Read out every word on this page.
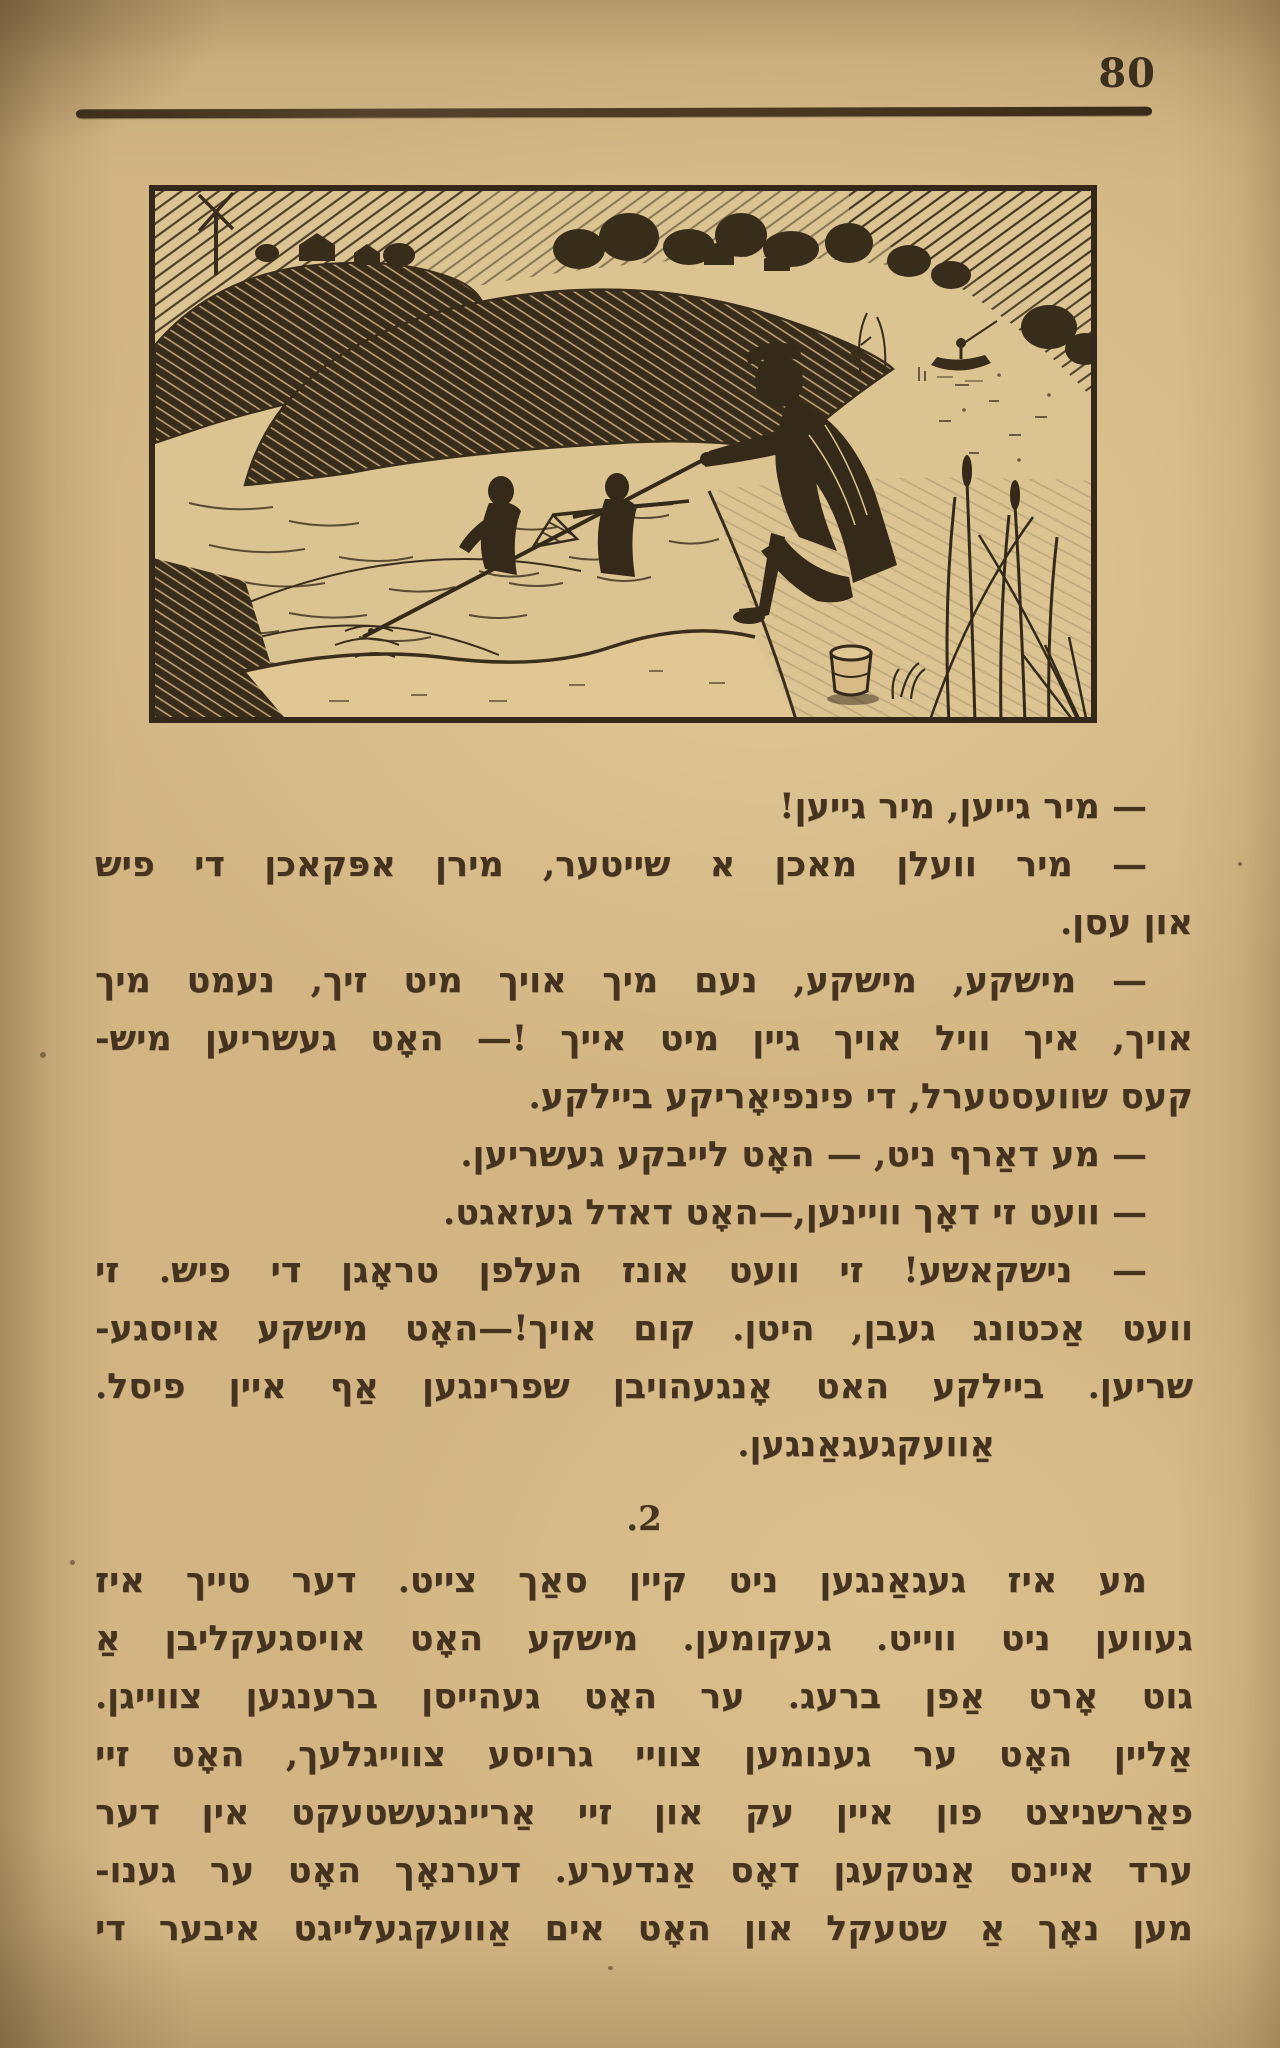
80
— מיר גייען, מיר גייען!
— מיר וועלן מאכן א שייטער, מירן אפּקאכן די פיש
און עסן.
— מישקע, מישקע, נעם מיך אויך מיט זיך, נעמט מיך
אויך, איך וויל אויך גיין מיט אייך !— האָט געשריען מיש-
קעס שוועסטערל, די פינפיאָריקע ביילקע.
— מע דאַרף ניט, — האָט לייבקע געשריען.
— וועט זי דאָך וויינען,—האָט דאדל געזאגט.
— נישקאשע! זי וועט אונז העלפן טראָגן די פיש. זי
וועט אַכטונג געבן, היטן. קום אויך!—האָט מישקע אויסגע-
שריען. ביילקע האט אָנגעהויבן שפרינגען אַף איין פיסל.
אַוועקגעגאַנגען.
2.
מע איז געגאַנגען ניט קיין סאַך צייט. דער טייך איז
געווען ניט ווייט. געקומען. מישקע האָט אויסגעקליבן אַ
גוט אָרט אַפן ברעג. ער האָט געהייסן ברענגען צווייגן.
אַליין האָט ער גענומען צוויי גרויסע צווייגלעך, האָט זיי
פאַרשניצט פון איין עק און זיי אַריינגעשטעקט אין דער
ערד איינס אַנטקעגן דאָס אַנדערע. דערנאָך האָט ער גענו-
מען נאָך אַ שטעקל און האָט אים אַוועקגעלייגט איבער די
